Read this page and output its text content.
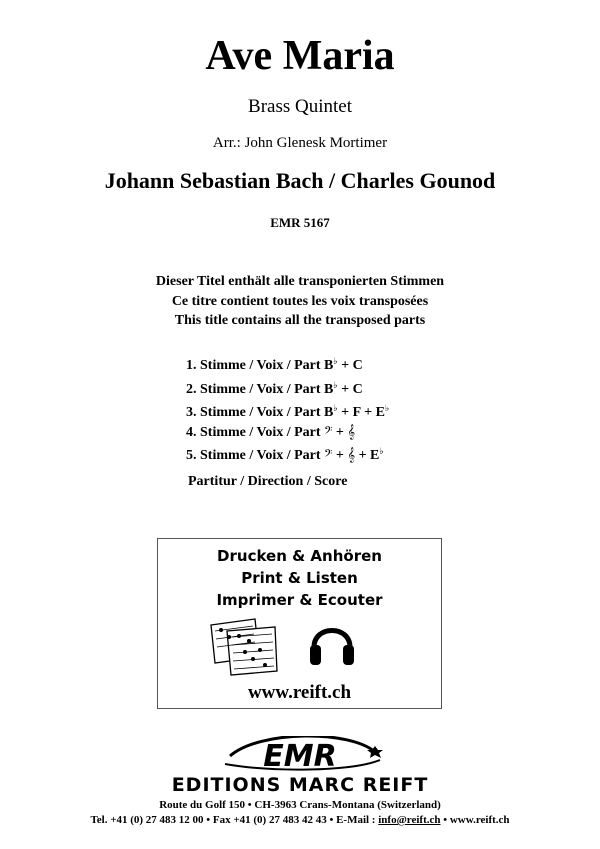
Ave Maria
Brass Quintet
Arr.: John Glenesk Mortimer
Johann Sebastian Bach / Charles Gounod
EMR 5167
Dieser Titel enthält alle transponierten Stimmen
Ce titre contient toutes les voix transposées
This title contains all the transposed parts
1. Stimme / Voix / Part B♭ + C
2. Stimme / Voix / Part B♭ + C
3. Stimme / Voix / Part B♭ + F + E♭
4. Stimme / Voix / Part 𝄢 + 𝄞
5. Stimme / Voix / Part 𝄢 + 𝄞 + E♭
Partitur / Direction / Score
Drucken & Anhören
Print & Listen
Imprimer & Ecouter
www.reift.ch
EMR
EDITIONS MARC REIFT
Route du Golf 150 • CH-3963 Crans-Montana (Switzerland)
Tel. +41 (0) 27 483 12 00 • Fax +41 (0) 27 483 42 43 • E-Mail : info@reift.ch • www.reift.ch
